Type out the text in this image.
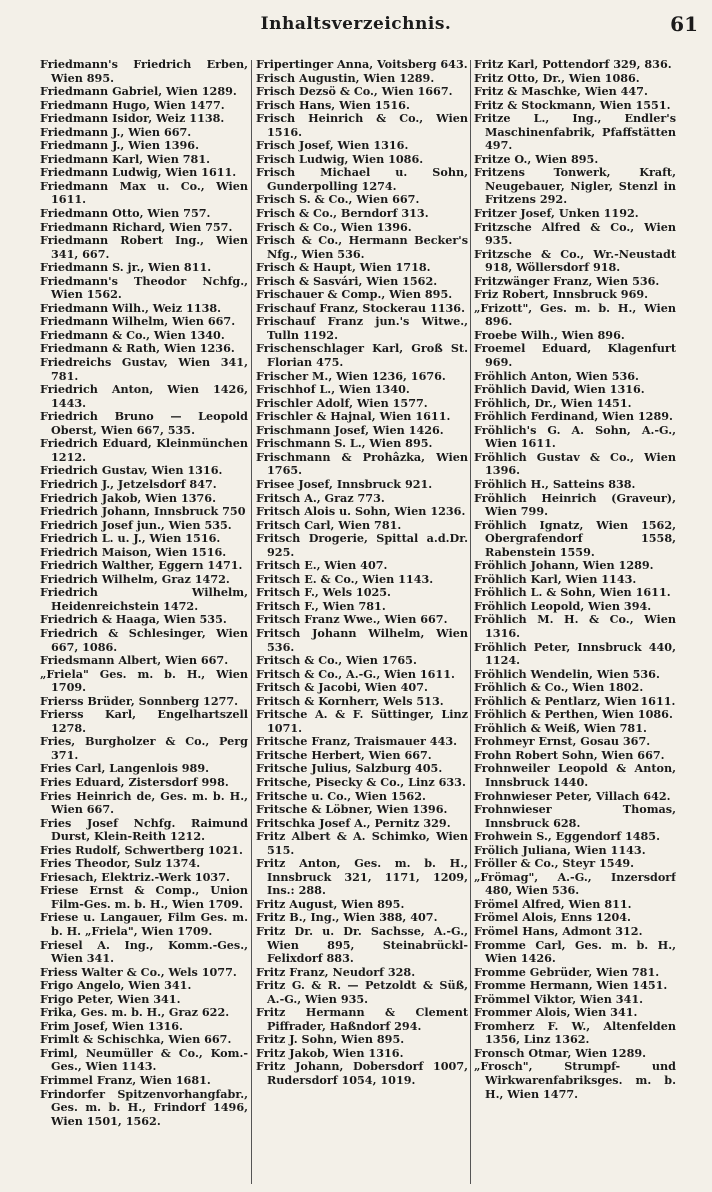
Inhaltsverzeichnis.	61

Friedmann's Friedrich Erben, Wien 895.

Friedmann Gabriel, Wien 1289.

Friedmann Hugo, Wien 1477.

Friedmann Isidor, Weiz 1138.

Friedmann J., Wien 667.

Friedmann J., Wien 1396.

Friedmann Karl, Wien 781.

Friedmann Ludwig, Wien 1611.

Friedmann Max u. Co., Wien 1611.

Friedmann Otto, Wien 757.

Friedmann Richard, Wien 757.

Friedmann Robert Ing., Wien 341, 667.

Friedmann S. jr., Wien 811.

Friedmann's Theodor Nchfg., Wien 1562.

Friedmann Wilh., Weiz 1138.

Friedmann Wilhelm, Wien 667.

Friedmann & Co., Wien 1340.

Friedmann & Rath, Wien 1236.

Friedreichs Gustav, Wien 341, 781.

Friedrich Anton, Wien 1426, 1443.

Friedrich Bruno — Leopold Oberst, Wien 667, 535.

Friedrich Eduard, Kleinmünchen 1212.

Friedrich Gustav, Wien 1316.

Friedrich J., Jetzelsdorf 847.

Friedrich Jakob, Wien 1376.

Friedrich Johann, Innsbruck 750

Friedrich Josef jun., Wien 535.

Friedrich L. u. J., Wien 1516.

Friedrich Maison, Wien 1516.

Friedrich Walther, Eggern 1471.

Friedrich Wilhelm, Graz 1472.

Friedrich Wilhelm, Heidenreichstein 1472.

Friedrich & Haaga, Wien 535.

Friedrich & Schlesinger, Wien 667, 1086.

Friedsmann Albert, Wien 667.

„Friela" Ges. m. b. H., Wien 1709.

Frierss Brüder, Sonnberg 1277.

Frierss Karl, Engelhartszell 1278.

Fries, Burgholzer & Co., Perg 371.

Fries Carl, Langenlois 989.

Fries Eduard, Zistersdorf 998.

Fries Heinrich de, Ges. m. b. H., Wien 667.

Fries Josef Nchfg. Raimund Durst, Klein-Reith 1212.

Fries Rudolf, Schwertberg 1021.

Fries Theodor, Sulz 1374.

Friesach, Elektriz.-Werk 1037.

Friese Ernst & Comp., Union Film-Ges. m. b. H., Wien 1709.

Friese u. Langauer, Film Ges. m. b. H. „Friela", Wien 1709.

Friesel A. Ing., Komm.-Ges., Wien 341.

Friess Walter & Co., Wels 1077.

Frigo Angelo, Wien 341.

Frigo Peter, Wien 341.

Frika, Ges. m. b. H., Graz 622.

Frim Josef, Wien 1316.

Frimlt & Schischka, Wien 667.

Friml, Neumüller & Co., Kom.-Ges., Wien 1143.

Frimmel Franz, Wien 1681.

Frindorfer Spitzenvorhangfabr., Ges. m. b. H., Frindorf 1496, Wien 1501, 1562.

Fripertinger Anna, Voitsberg 643.

Frisch Augustin, Wien 1289.

Frisch Dezsö & Co., Wien 1667.

Frisch Hans, Wien 1516.

Frisch Heinrich & Co., Wien 1516.

Frisch Josef, Wien 1316.

Frisch Ludwig, Wien 1086.

Frisch Michael u. Sohn, Gunderpolling 1274.

Frisch S. & Co., Wien 667.

Frisch & Co., Berndorf 313.

Frisch & Co., Wien 1396.

Frisch & Co., Hermann Becker's Nfg., Wien 536.

Frisch & Haupt, Wien 1718.

Frisch & Sasvári, Wien 1562.

Frischauer & Comp., Wien 895.

Frischauf Franz, Stockerau 1136.

Frischauf Franz jun.'s Witwe., Tulln 1192.

Frischenschlager Karl, Groß St. Florian 475.

Frischer M., Wien 1236, 1676.

Frischhof L., Wien 1340.

Frischler Adolf, Wien 1577.

Frischler & Hajnal, Wien 1611.

Frischmann Josef, Wien 1426.

Frischmann S. L., Wien 895.

Frischmann & Prohâzka, Wien 1765.

Frisee Josef, Innsbruck 921.

Fritsch A., Graz 773.

Fritsch Alois u. Sohn, Wien 1236.

Fritsch Carl, Wien 781.

Fritsch Drogerie, Spittal a.d.Dr. 925.

Fritsch E., Wien 407.

Fritsch E. & Co., Wien 1143.

Fritsch F., Wels 1025.

Fritsch F., Wien 781.

Fritsch Franz Wwe., Wien 667.

Fritsch Johann Wilhelm, Wien 536.

Fritsch & Co., Wien 1765.

Fritsch & Co., A.-G., Wien 1611.

Fritsch & Jacobi, Wien 407.

Fritsch & Kornherr, Wels 513.

Fritsche A. & F. Süttinger, Linz 1071.

Fritsche Franz, Traismauer 443.

Fritsche Herbert, Wien 667.

Fritsche Julius, Salzburg 405.

Fritsche, Pisecky & Co., Linz 633.

Fritsche u. Co., Wien 1562.

Fritsche & Löbner, Wien 1396.

Fritschka Josef A., Pernitz 329.

Fritz Albert & A. Schimko, Wien 515.

Fritz Anton, Ges. m. b. H., Innsbruck 321, 1171, 1209, Ins.: 288.

Fritz August, Wien 895.

Fritz B., Ing., Wien 388, 407.

Fritz Dr. u. Dr. Sachsse, A.-G., Wien 895, Steinabrückl-Felixdorf 883.

Fritz Franz, Neudorf 328.

Fritz G. & R. — Petzoldt & Süß, A.-G., Wien 935.

Fritz Hermann & Clement Piffrader, Haßndorf 294.

Fritz J. Sohn, Wien 895.

Fritz Jakob, Wien 1316.

Fritz Johann, Dobersdorf 1007, Rudersdorf 1054, 1019.

Fritz Karl, Pottendorf 329, 836.

Fritz Otto, Dr., Wien 1086.

Fritz & Maschke, Wien 447.

Fritz & Stockmann, Wien 1551.

Fritze L., Ing., Endler's Maschinenfabrik, Pfaffstätten 497.

Fritze O., Wien 895.

Fritzens Tonwerk, Kraft, Neugebauer, Nigler, Stenzl in Fritzens 292.

Fritzer Josef, Unken 1192.

Fritzsche Alfred & Co., Wien 935.

Fritzsche & Co., Wr.-Neustadt 918, Wöllersdorf 918.

Fritzwänger Franz, Wien 536.

Friz Robert, Innsbruck 969.

„Frizott", Ges. m. b. H., Wien 896.

Froebe Wilh., Wien 896.

Froemel Eduard, Klagenfurt 969.

Fröhlich Anton, Wien 536.

Fröhlich David, Wien 1316.

Fröhlich, Dr., Wien 1451.

Fröhlich Ferdinand, Wien 1289.

Fröhlich's G. A. Sohn, A.-G., Wien 1611.

Fröhlich Gustav & Co., Wien 1396.

Fröhlich H., Satteins 838.

Fröhlich Heinrich (Graveur), Wien 799.

Fröhlich Ignatz, Wien 1562, Obergrafendorf 1558, Rabenstein 1559.

Fröhlich Johann, Wien 1289.

Fröhlich Karl, Wien 1143.

Fröhlich L. & Sohn, Wien 1611.

Fröhlich Leopold, Wien 394.

Fröhlich M. H. & Co., Wien 1316.

Fröhlich Peter, Innsbruck 440, 1124.

Fröhlich Wendelin, Wien 536.

Fröhlich & Co., Wien 1802.

Fröhlich & Pentlarz, Wien 1611.

Fröhlich & Perthen, Wien 1086.

Fröhlich & Weiß, Wien 781.

Frohmeyr Ernst, Gosau 367.

Frohn Robert Sohn, Wien 667.

Frohnweiler Leopold & Anton, Innsbruck 1440.

Frohnwieser Peter, Villach 642.

Frohnwieser Thomas, Innsbruck 628.

Frohwein S., Eggendorf 1485.

Frölich Juliana, Wien 1143.

Fröller & Co., Steyr 1549.

„Frömag", A.-G., Inzersdorf 480, Wien 536.

Frömel Alfred, Wien 811.

Frömel Alois, Enns 1204.

Frömel Hans, Admont 312.

Fromme Carl, Ges. m. b. H., Wien 1426.

Fromme Gebrüder, Wien 781.

Fromme Hermann, Wien 1451.

Frömmel Viktor, Wien 341.

Frommer Alois, Wien 341.

Fromherz F. W., Altenfelden 1356, Linz 1362.

Fronsch Otmar, Wien 1289.

„Frosch", Strumpf- und Wirkwarenfabriksges. m. b. H., Wien 1477.
